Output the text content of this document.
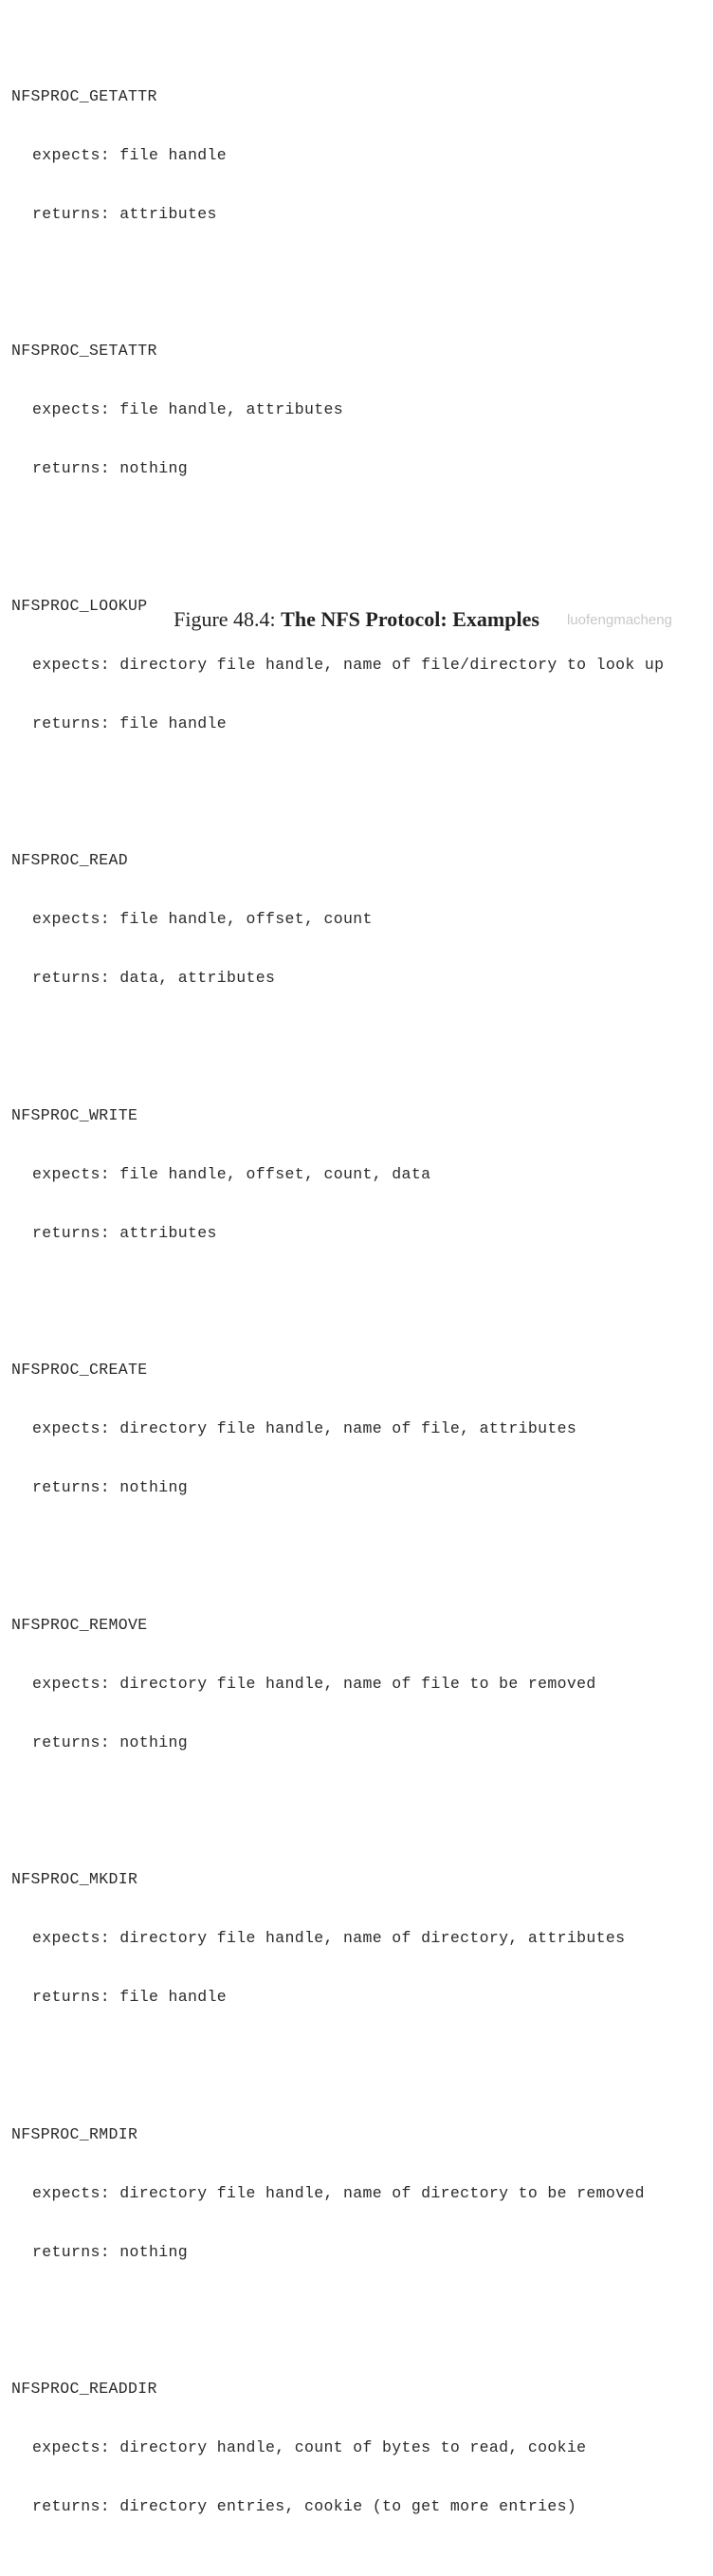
NFSPROC_GETATTR

expects: file handle

returns: attributes

NFSPROC_SETATTR

expects: file handle, attributes

returns: nothing

NFSPROC_LOOKUP

expects: directory file handle, name of file/directory to look up

returns: file handle

NFSPROC_READ

expects: file handle, offset, count

returns: data, attributes

NFSPROC_WRITE

expects: file handle, offset, count, data

returns: attributes

NFSPROC_CREATE

expects: directory file handle, name of file, attributes

returns: nothing

NFSPROC_REMOVE

expects: directory file handle, name of file to be removed

returns: nothing

NFSPROC_MKDIR

expects: directory file handle, name of directory, attributes

returns: file handle

NFSPROC_RMDIR

expects: directory file handle, name of directory to be removed

returns: nothing

NFSPROC_READDIR

expects: directory handle, count of bytes to read, cookie

returns: directory entries, cookie (to get more entries)

Figure 48.4: The NFS Protocol: Examples	luofengmacheng
